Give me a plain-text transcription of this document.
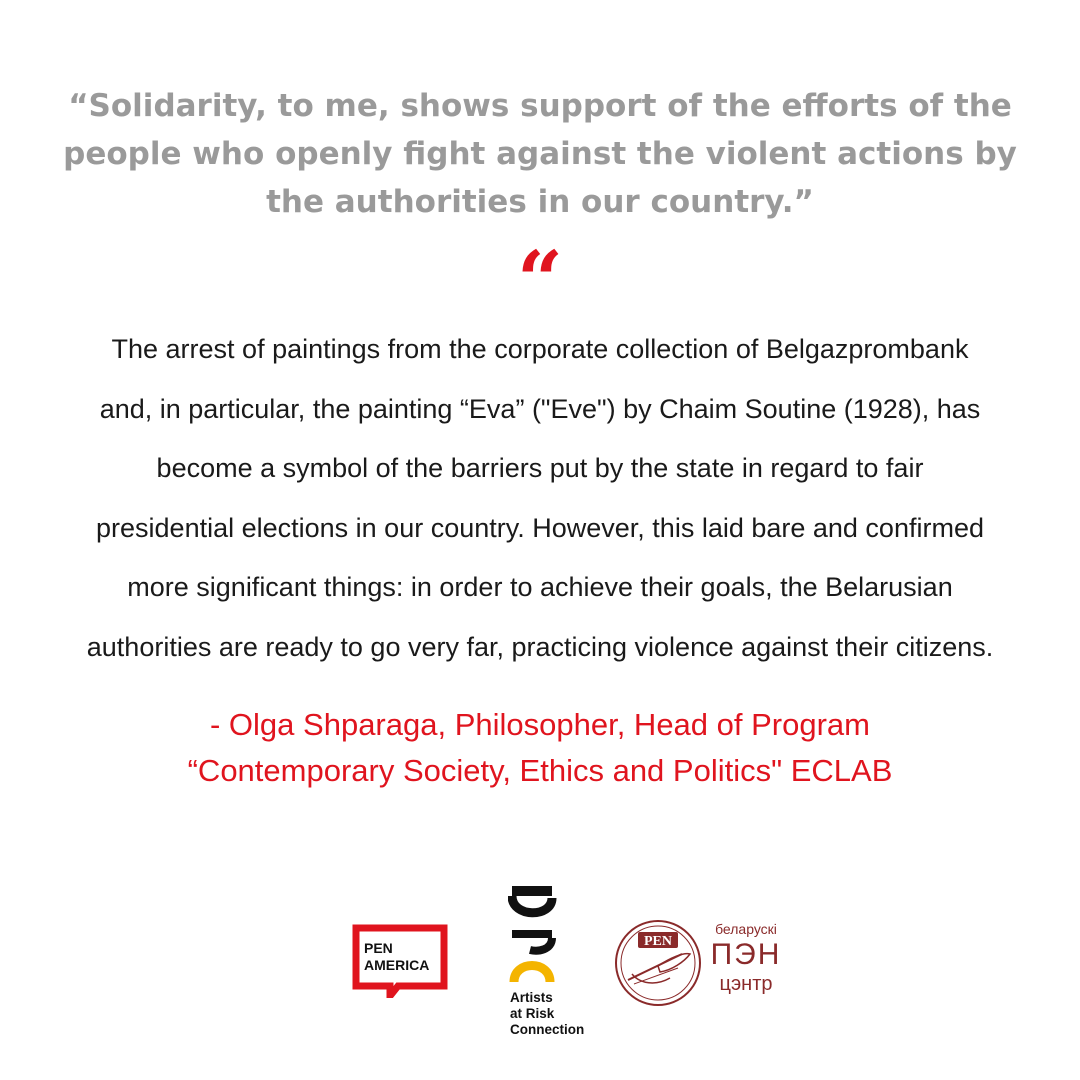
“Solidarity, to me, shows support of the efforts of the
people who openly fight against the violent actions by
the authorities in our country.”
“
The arrest of paintings from the corporate collection of Belgazprombank
and, in particular, the painting “Eva” ("Eve") by Chaim Soutine (1928), has
become a symbol of the barriers put by the state in regard to fair
presidential elections in our country. However, this laid bare and confirmed
more significant things: in order to achieve their goals, the Belarusian
authorities are ready to go very far, practicing violence against their citizens.
- Olga Shparaga, Philosopher, Head of Program
“Contemporary Society, Ethics and Politics" ECLAB
PEN
AMERICA
Artists
at Risk
Connection
PEN
беларускі
ПЭН
цэнтр
